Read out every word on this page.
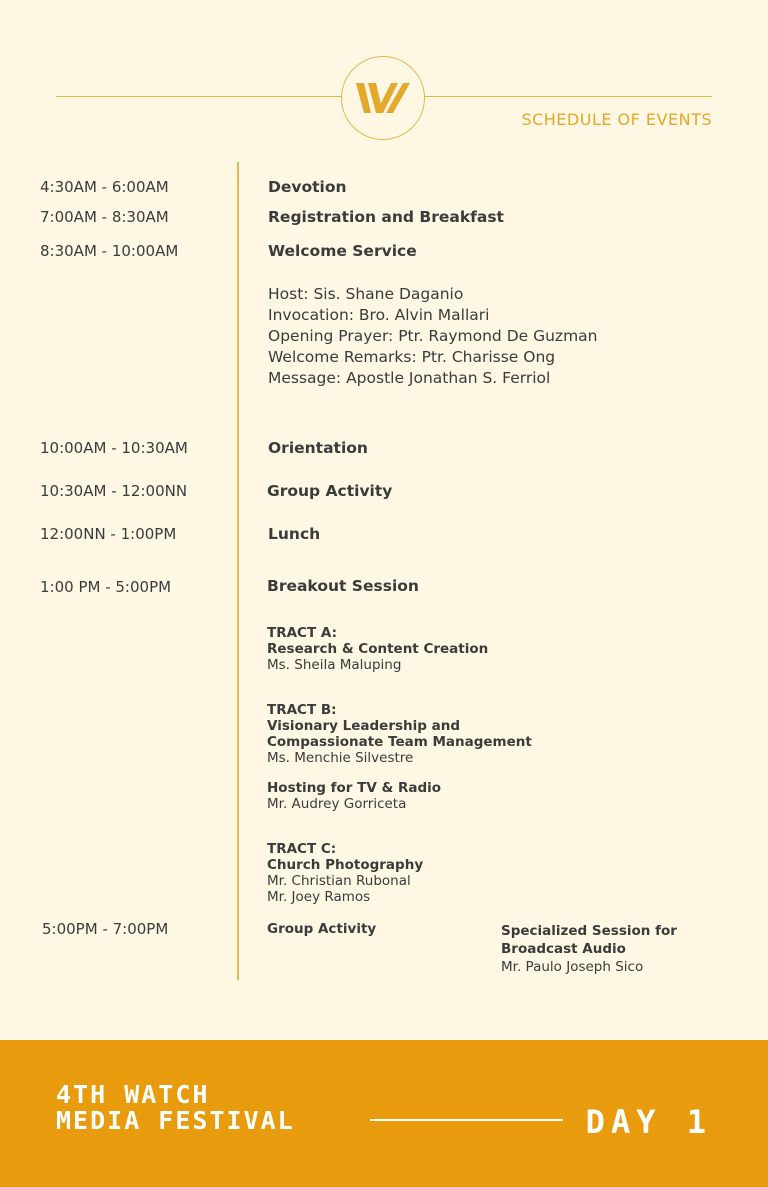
SCHEDULE OF EVENTS
4:30AM - 6:00AM	Devotion
7:00AM - 8:30AM	Registration and Breakfast
8:30AM - 10:00AM	Welcome Service
Host: Sis. Shane Daganio
Invocation: Bro. Alvin Mallari
Opening Prayer: Ptr. Raymond De Guzman
Welcome Remarks: Ptr. Charisse Ong
Message: Apostle Jonathan S. Ferriol
10:00AM - 10:30AM	Orientation
10:30AM - 12:00NN	Group Activity
12:00NN - 1:00PM	Lunch
1:00 PM - 5:00PM	Breakout Session
TRACT A:
Research & Content Creation
Ms. Sheila Maluping
TRACT B:
Visionary Leadership and
Compassionate Team Management
Ms. Menchie Silvestre
Hosting for TV & Radio
Mr. Audrey Gorriceta
TRACT C:
Church Photography
Mr. Christian Rubonal
Mr. Joey Ramos
5:00PM - 7:00PM	Group Activity	Specialized Session for
Broadcast Audio
Mr. Paulo Joseph Sico
4TH WATCH
MEDIA FESTIVAL	DAY 1
